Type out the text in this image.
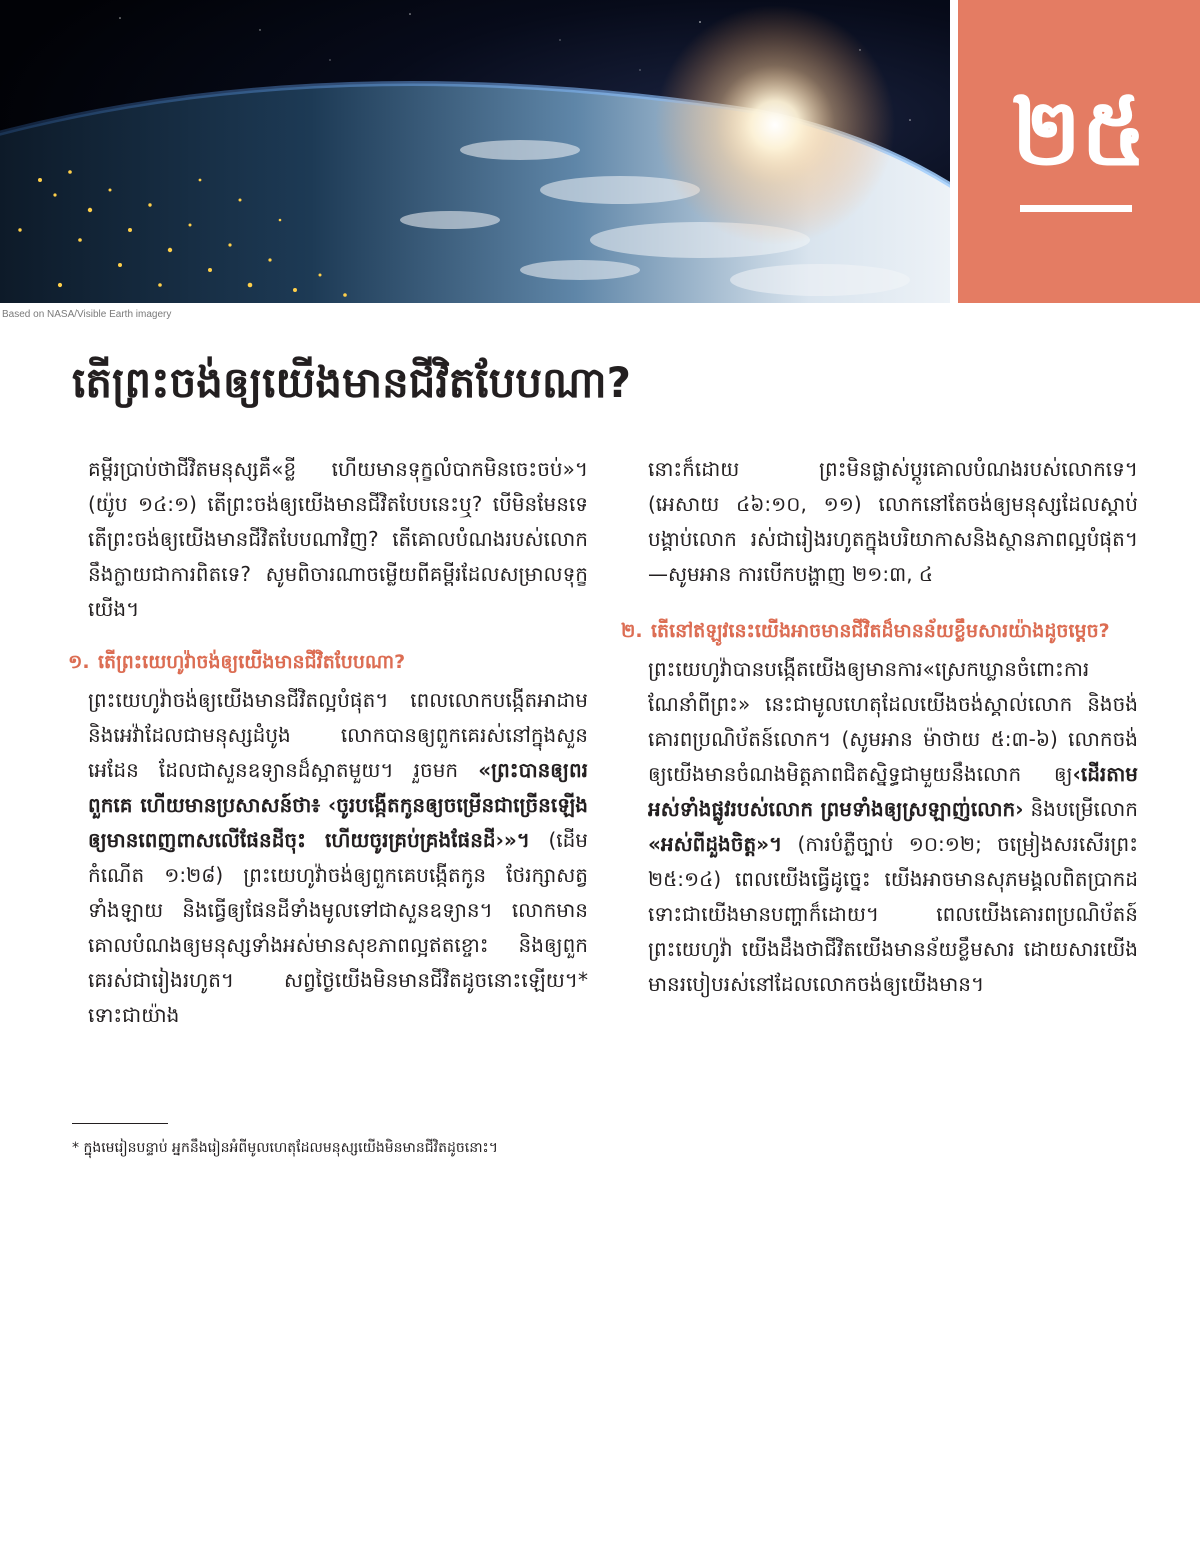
២៥
Based on NASA/Visible Earth imagery
តើព្រះចង់ឲ្យយើងមានជីវិតបែបណា?

គម្ពីរប្រាប់ថាជីវិតមនុស្សគឺ«ខ្លី ហើយមានទុក្ខលំបាកមិនចេះចប់»។ (យ៉ូប ១៤:១) តើព្រះចង់ឲ្យយើងមានជីវិតបែបនេះឬ? បើមិនមែនទេ តើព្រះចង់ឲ្យយើងមានជីវិតបែបណាវិញ? តើគោលបំណងរបស់លោកនឹងក្លាយជាការពិតទេ? សូមពិចារណាចម្លើយពីគម្ពីរដែលសម្រាលទុក្ខយើង។

១. តើព្រះយេហូវ៉ាចង់ឲ្យយើងមានជីវិតបែបណា?

ព្រះយេហូវ៉ាចង់ឲ្យយើងមានជីវិតល្អបំផុត។ ពេលលោកបង្កើតអាដាមនិងអេវ៉ាដែលជាមនុស្សដំបូង លោកបានឲ្យពួកគេរស់នៅក្នុងសួនអេដែន ដែលជាសួនឧទ្យានដ៏ស្អាតមួយ។ រួចមក «ព្រះបានឲ្យពរពួកគេ ហើយមានប្រសាសន៍ថា៖ ‹ចូរបង្កើតកូនឲ្យចម្រើនជាច្រើនឡើង ឲ្យមានពេញពាសលើផែនដីចុះ ហើយចូរគ្រប់គ្រងផែនដី›»។ (ដើមកំណើត ១:២៨) ព្រះយេហូវ៉ាចង់ឲ្យពួកគេបង្កើតកូន ថែរក្សាសត្វទាំងឡាយ និងធ្វើឲ្យផែនដីទាំងមូលទៅជាសួនឧទ្យាន។ លោកមានគោលបំណងឲ្យមនុស្សទាំងអស់មានសុខភាពល្អឥតខ្ចោះ និងឲ្យពួកគេរស់ជារៀងរហូត។ សព្វថ្ងៃយើងមិនមានជីវិតដូចនោះឡើយ។* ទោះជាយ៉ាង

* ក្នុងមេរៀនបន្ទាប់ អ្នកនឹងរៀនអំពីមូលហេតុដែលមនុស្សយើងមិនមានជីវិតដូចនោះ។

នោះក៏ដោយ ព្រះមិនផ្លាស់ប្ដូរគោលបំណងរបស់លោកទេ។ (អេសាយ ៤៦:១០, ១១) លោកនៅតែចង់ឲ្យមនុស្សដែលស្ដាប់បង្គាប់លោក រស់ជារៀងរហូតក្នុងបរិយាកាសនិងស្ថានភាពល្អបំផុត។—សូមអាន ការបើកបង្ហាញ ២១:៣, ៤

២. តើនៅឥឡូវនេះយើងអាចមានជីវិតដ៏មានន័យខ្លឹមសារយ៉ាងដូចម្ដេច?

ព្រះយេហូវ៉ាបានបង្កើតយើងឲ្យមានការ«ស្រេកឃ្លានចំពោះការណែនាំពីព្រះ» នេះជាមូលហេតុដែលយើងចង់ស្គាល់លោក និងចង់គោរពប្រណិប័តន៍លោក។ (សូមអាន ម៉ាថាយ ៥:៣-៦) លោកចង់ឲ្យយើងមានចំណងមិត្តភាពជិតស្និទ្ធជាមួយនឹងលោក ឲ្យ‹ដើរតាមអស់ទាំងផ្លូវរបស់លោក ព្រមទាំងឲ្យស្រឡាញ់លោក› និងបម្រើលោក «អស់ពីដួងចិត្ត»។ (ការបំភ្លឺច្បាប់ ១០:១២; ចម្រៀងសរសើរព្រះ ២៥:១៤) ពេលយើងធ្វើដូច្នេះ យើងអាចមានសុភមង្គលពិតប្រាកដ ទោះជាយើងមានបញ្ហាក៏ដោយ។ ពេលយើងគោរពប្រណិប័តន៍ព្រះយេហូវ៉ា យើងដឹងថាជីវិតយើងមានន័យខ្លឹមសារ ដោយសារយើងមានរបៀបរស់នៅដែលលោកចង់ឲ្យយើងមាន។
